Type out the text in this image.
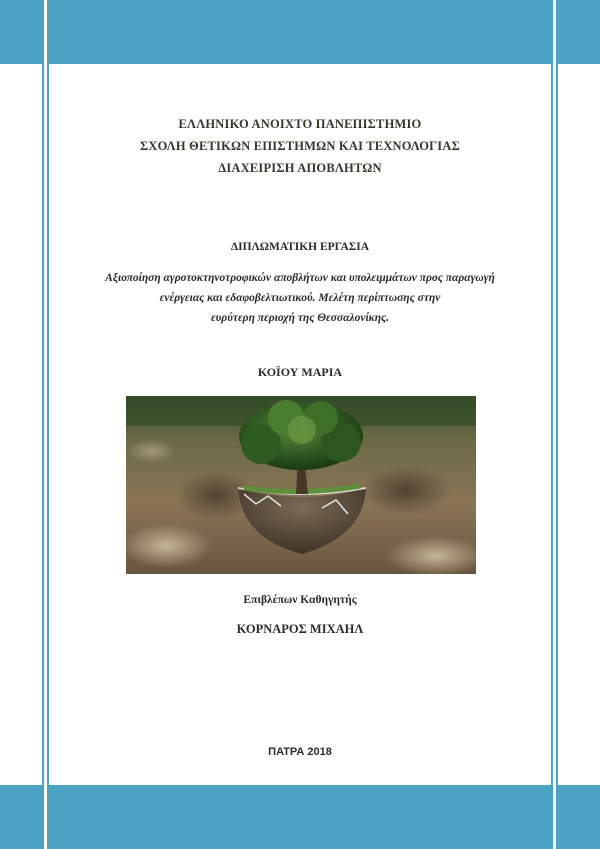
ΕΛΛΗΝΙΚΟ ΑΝΟΙΧΤΟ ΠΑΝΕΠΙΣΤΗΜΙΟ
ΣΧΟΛΗ ΘΕΤΙΚΩΝ ΕΠΙΣΤΗΜΩΝ ΚΑΙ ΤΕΧΝΟΛΟΓΙΑΣ
ΔΙΑΧΕΙΡΙΣΗ ΑΠΟΒΛΗΤΩΝ
ΔΙΠΛΩΜΑΤΙΚΗ ΕΡΓΑΣΙΑ
Αξιοποίηση αγροτοκτηνοτροφικών αποβλήτων και υπολειμμάτων προς παραγωγή
ενέργειας και εδαφοβελτιωτικού. Μελέτη περίπτωσης στην
ευρύτερη περιοχή της Θεσσαλονίκης.
ΚΟΪΟΥ ΜΑΡΙΑ
Επιβλέπων Καθηγητής
ΚΟΡΝΑΡΟΣ ΜΙΧΑΗΛ
ΠΑΤΡΑ 2018
